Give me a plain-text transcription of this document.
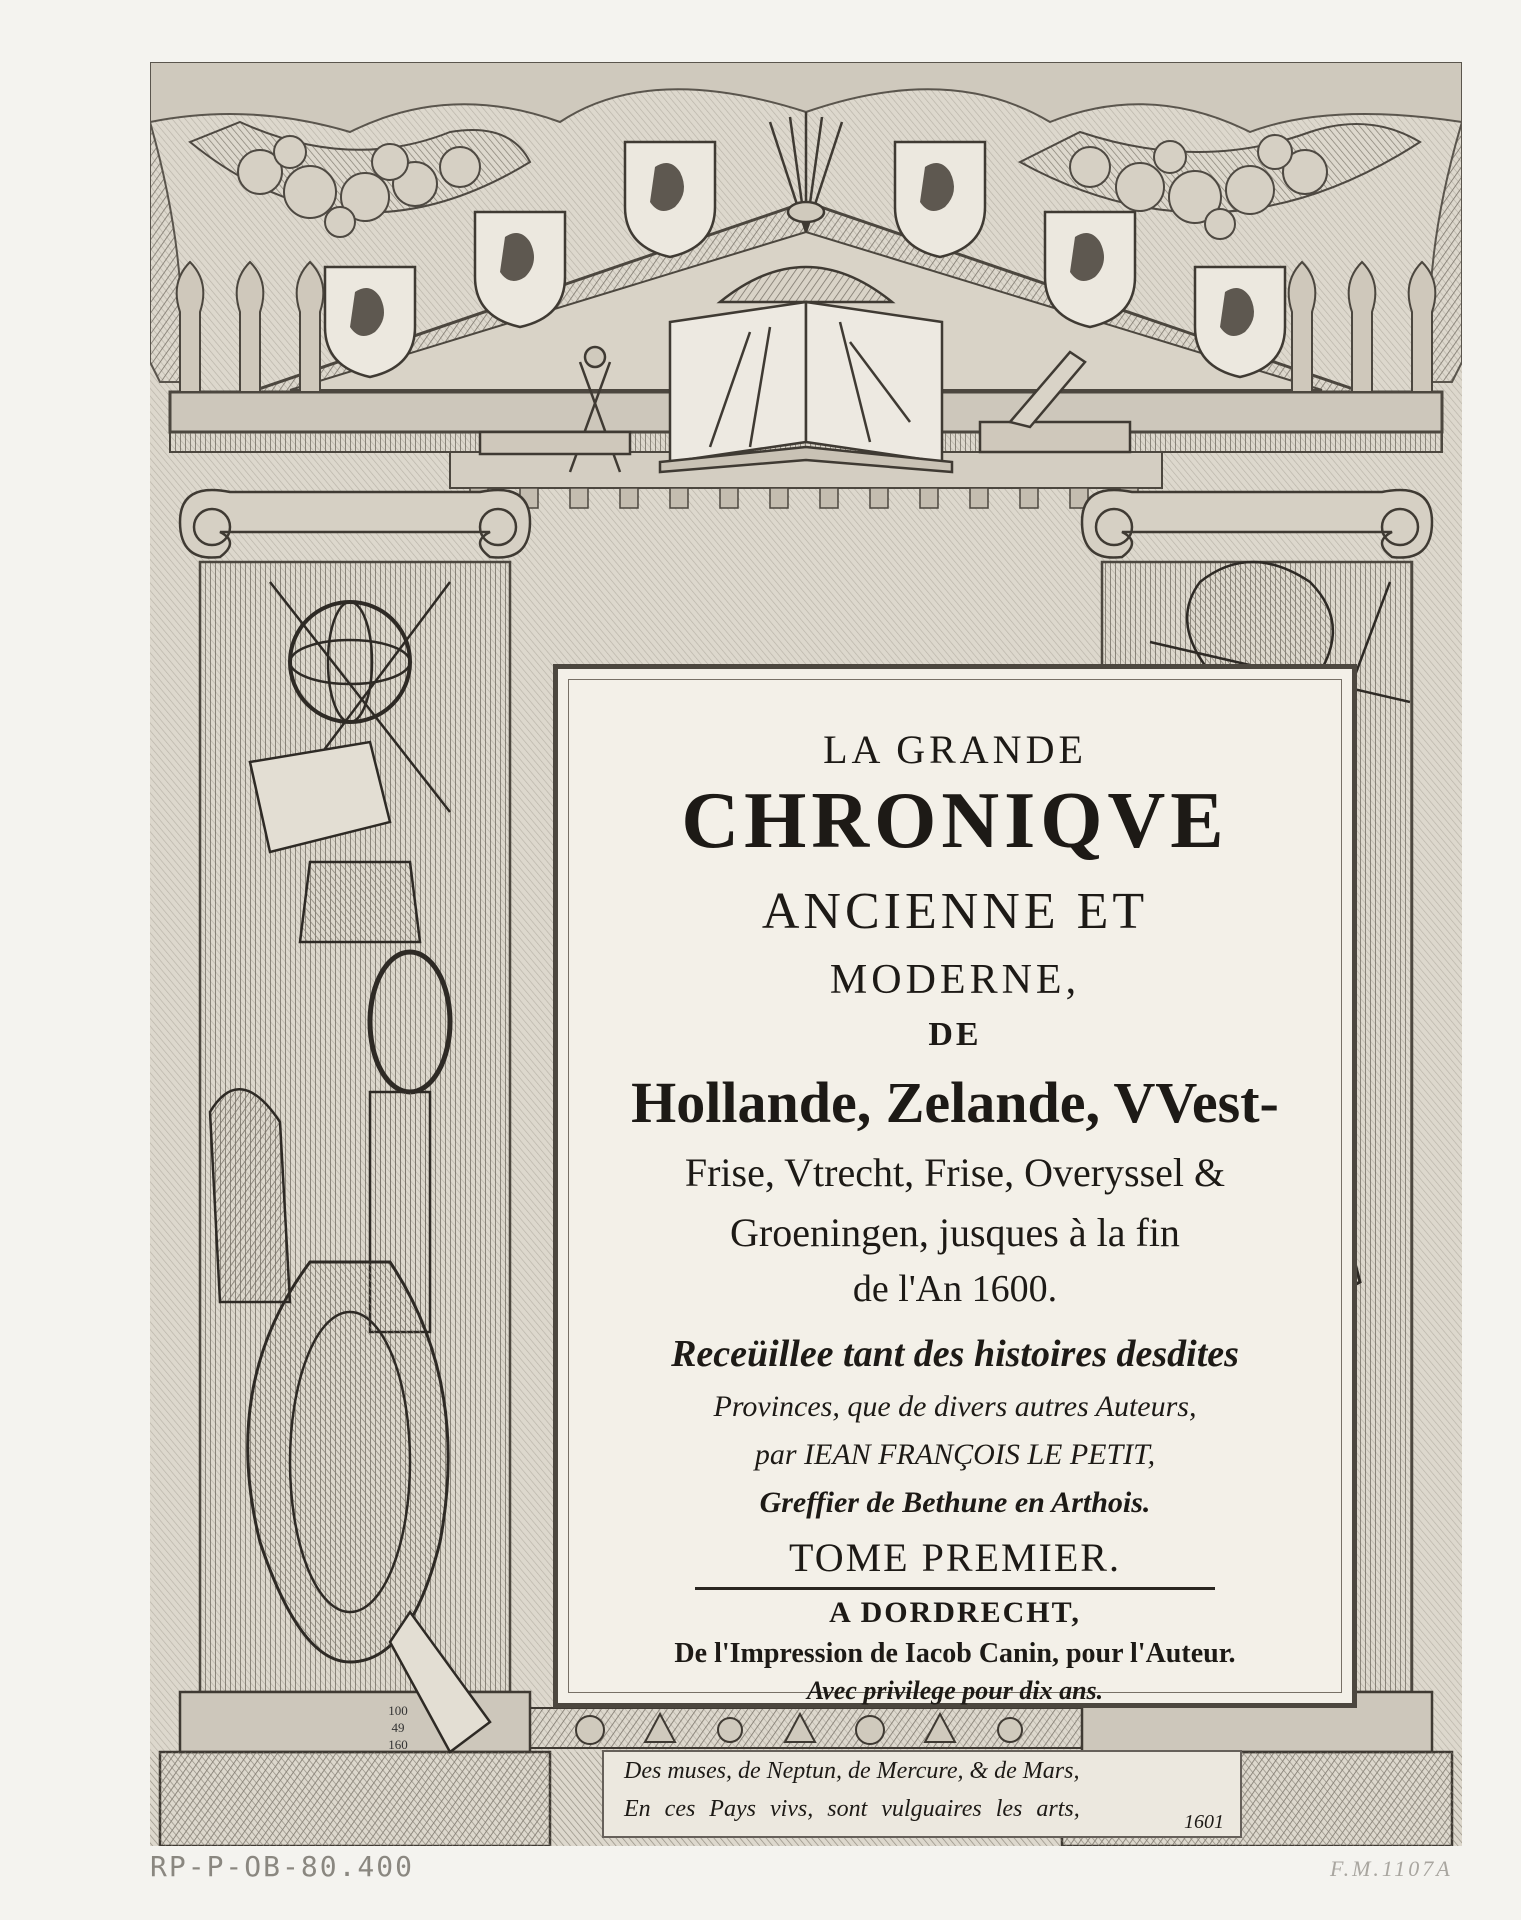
LA GRANDE
CHRONIQVE
ANCIENNE ET
MODERNE,
DE
Hollande, Zelande, VVest-
Frise, Vtrecht, Frise, Overyssel &
Groeningen, jusques à la fin
de l'An 1600.
Receüillee tant des histoires desdites
Provinces, que de divers autres Auteurs,
par IEAN FRANÇOIS LE PETIT,
Greffier de Bethune en Arthois.
TOME PREMIER.
A DORDRECHT,
De l'Impression de Iacob Canin, pour l'Auteur.
Avec privilege pour dix ans.
100
49
160
Des muses, de Neptun, de Mercure, & de Mars,
En ces Pays vivs, sont vulguaires les arts,	1601
RP-P-OB-80.400	F.M.1107A
